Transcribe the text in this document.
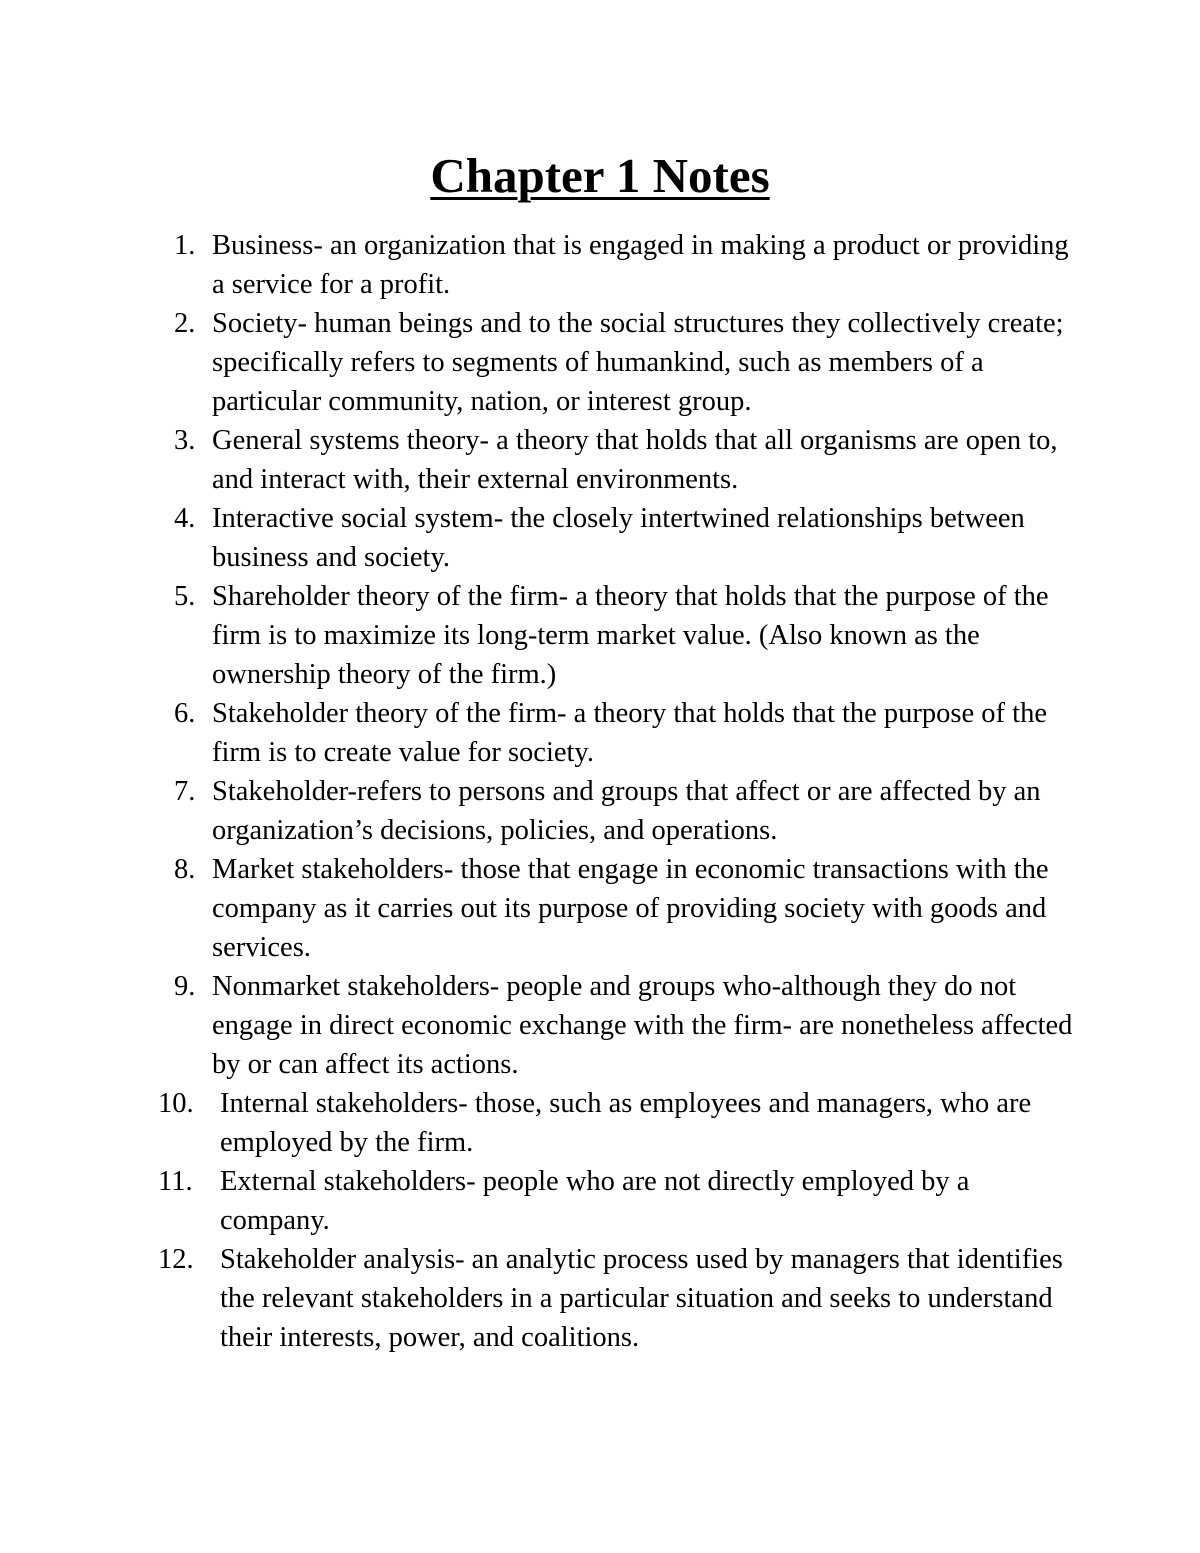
Chapter 1 Notes
1. Business- an organization that is engaged in making a product or providing a service for a profit.
2. Society- human beings and to the social structures they collectively create; specifically refers to segments of humankind, such as members of a particular community, nation, or interest group.
3. General systems theory- a theory that holds that all organisms are open to, and interact with, their external environments.
4. Interactive social system- the closely intertwined relationships between business and society.
5. Shareholder theory of the firm- a theory that holds that the purpose of the firm is to maximize its long-term market value. (Also known as the ownership theory of the firm.)
6. Stakeholder theory of the firm- a theory that holds that the purpose of the firm is to create value for society.
7. Stakeholder-refers to persons and groups that affect or are affected by an organization’s decisions, policies, and operations.
8. Market stakeholders- those that engage in economic transactions with the company as it carries out its purpose of providing society with goods and services.
9. Nonmarket stakeholders- people and groups who-although they do not engage in direct economic exchange with the firm- are nonetheless affected by or can affect its actions.
10. Internal stakeholders- those, such as employees and managers, who are employed by the firm.
11. External stakeholders- people who are not directly employed by a company.
12. Stakeholder analysis- an analytic process used by managers that identifies the relevant stakeholders in a particular situation and seeks to understand their interests, power, and coalitions.
